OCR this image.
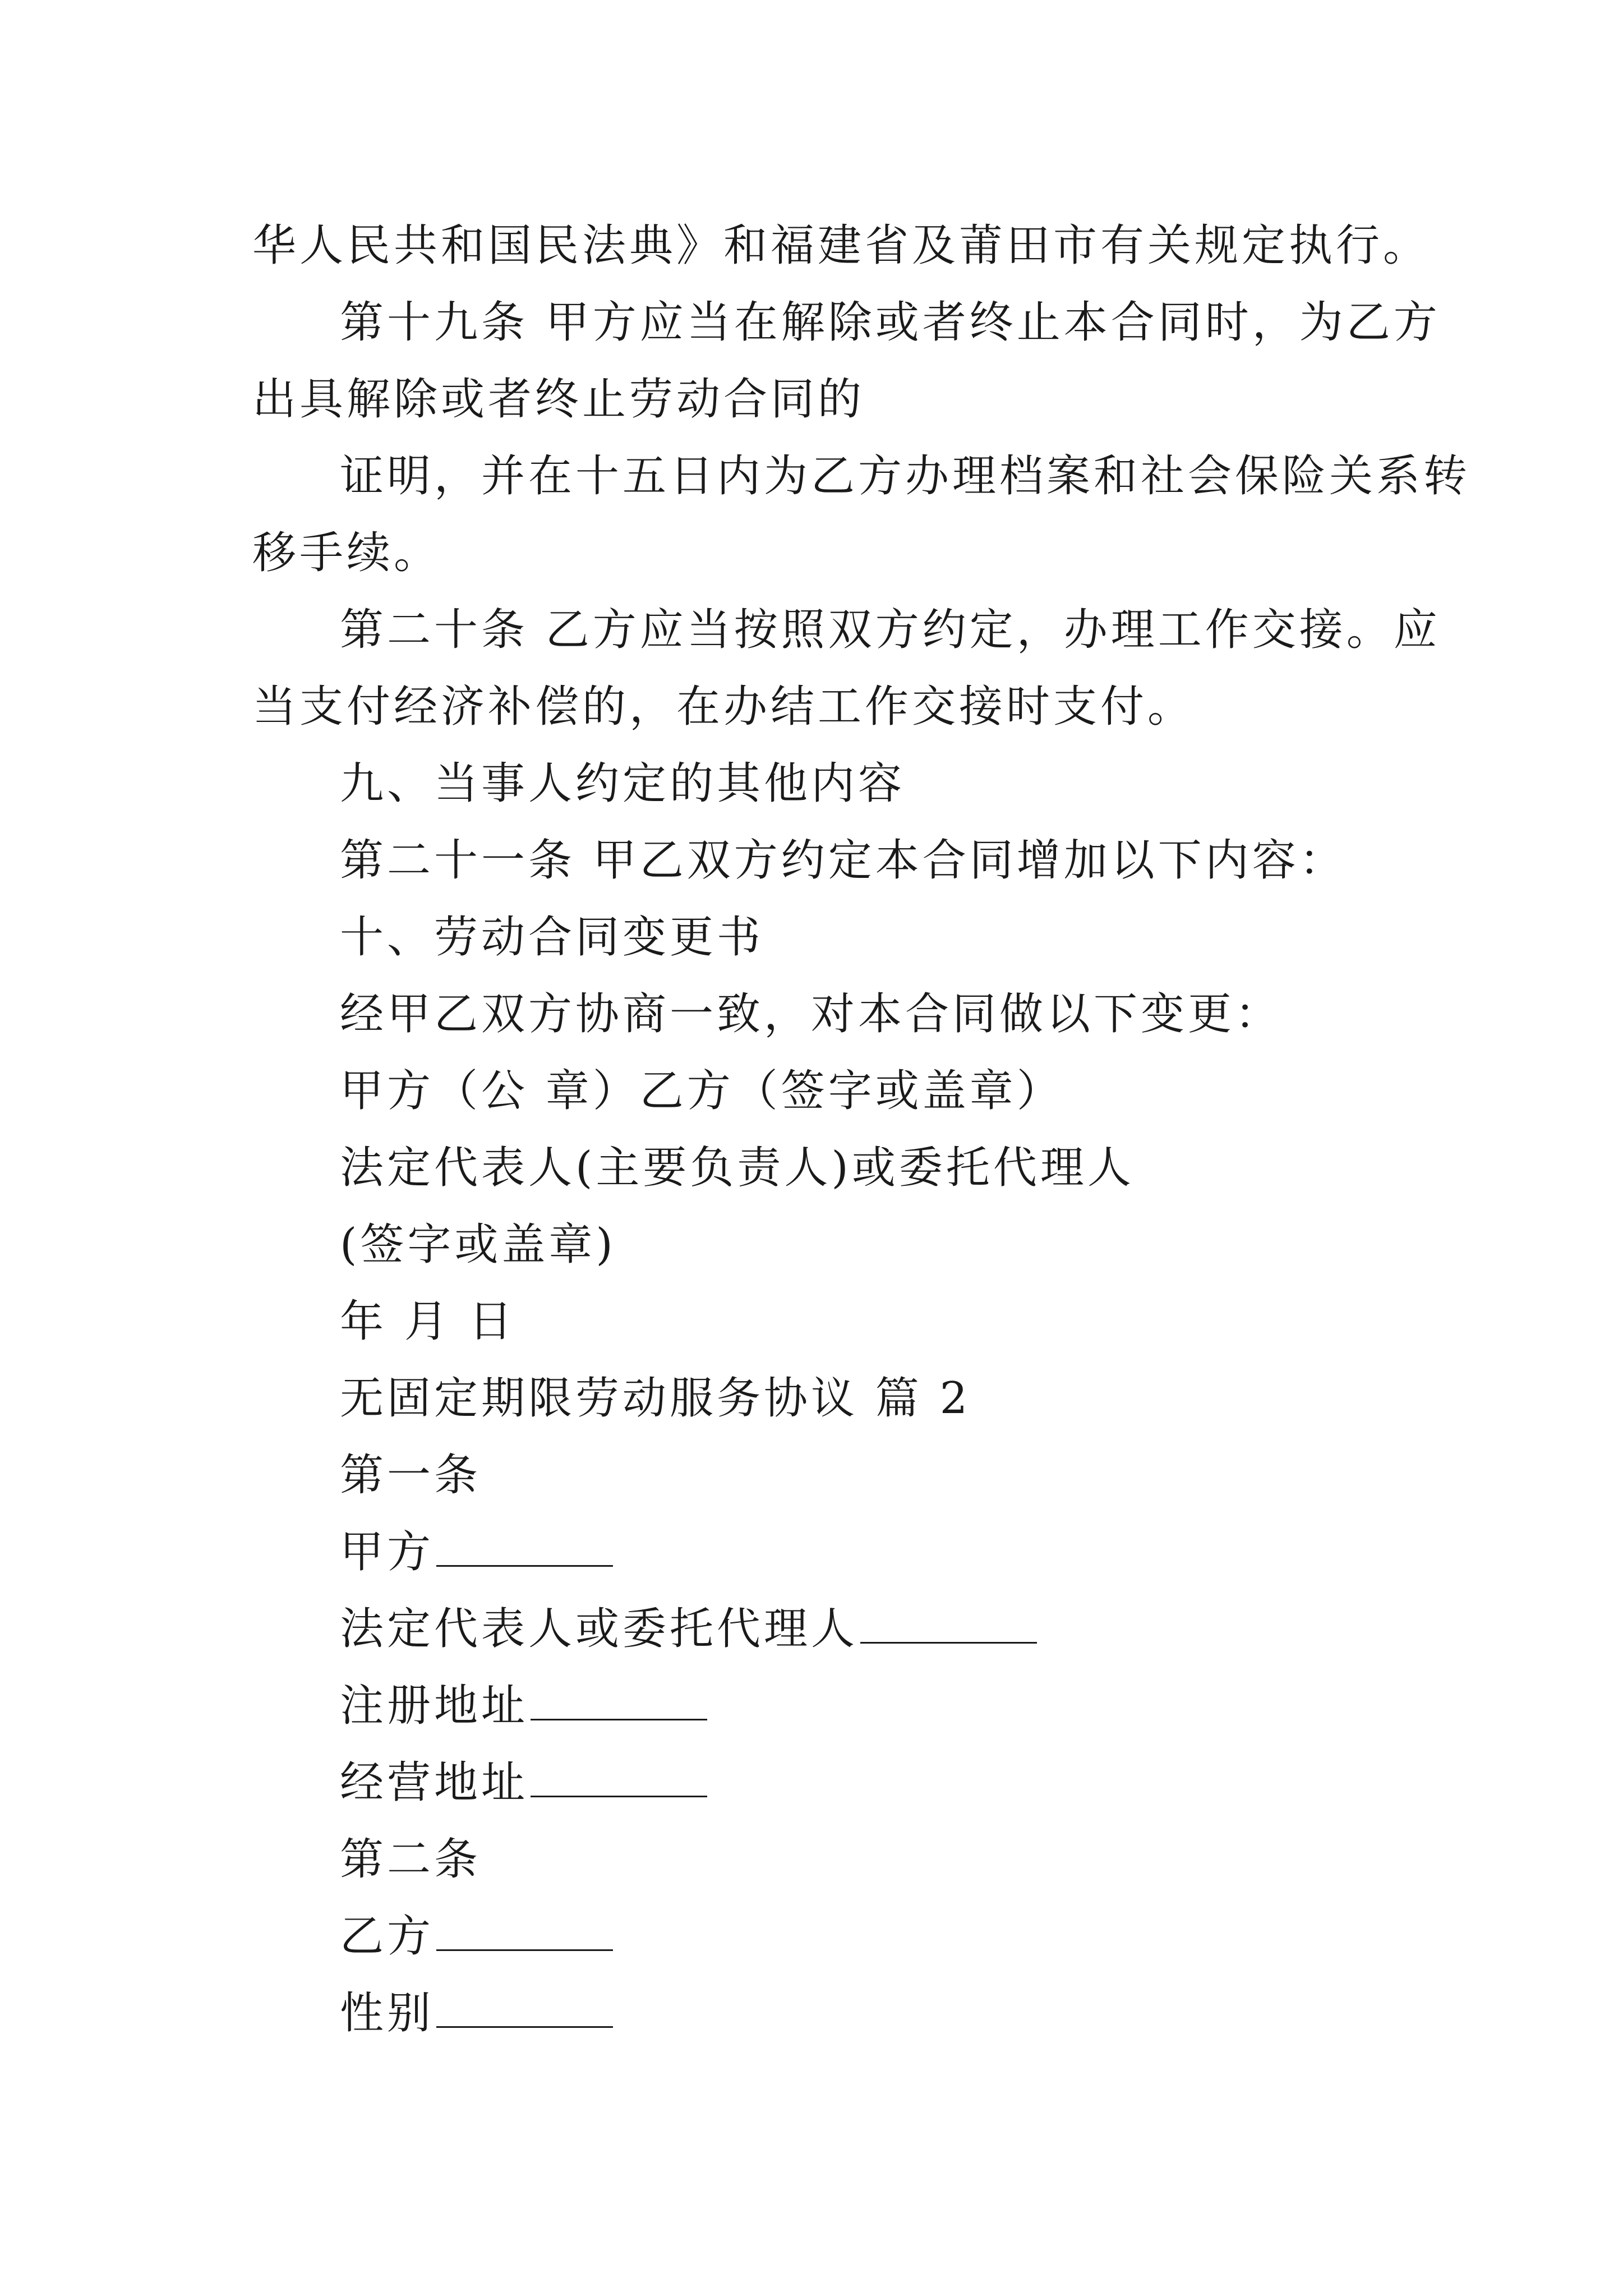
华人民共和国民法典》和福建省及莆田市有关规定执行。
第十九条 甲方应当在解除或者终止本合同时，为乙方
出具解除或者终止劳动合同的
证明，并在十五日内为乙方办理档案和社会保险关系转
移手续。
第二十条 乙方应当按照双方约定，办理工作交接。应
当支付经济补偿的，在办结工作交接时支付。
九、当事人约定的其他内容
第二十一条 甲乙双方约定本合同增加以下内容：
十、劳动合同变更书
经甲乙双方协商一致，对本合同做以下变更：
甲方（公 章）乙方（签字或盖章）
法定代表人(主要负责人)或委托代理人
(签字或盖章)
年 月 日
无固定期限劳动服务协议 篇 2
第一条
甲方
法定代表人或委托代理人
注册地址
经营地址
第二条
乙方
性别
